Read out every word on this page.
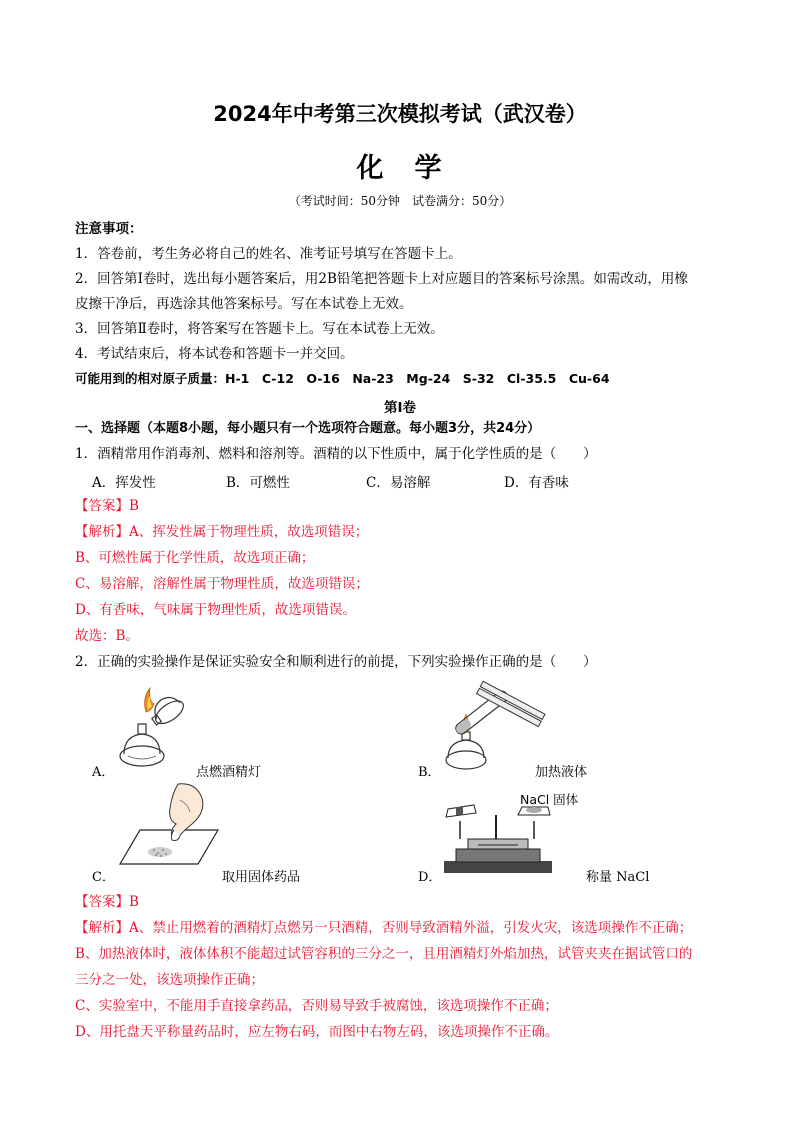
2024年中考第三次模拟考试（武汉卷）
化　学
（考试时间：50分钟　试卷满分：50分）
注意事项：
1．答卷前，考生务必将自己的姓名、准考证号填写在答题卡上。
2．回答第Ⅰ卷时，选出每小题答案后，用2B铅笔把答题卡上对应题目的答案标号涂黑。如需改动，用橡
皮擦干净后，再选涂其他答案标号。写在本试卷上无效。
3．回答第Ⅱ卷时，将答案写在答题卡上。写在本试卷上无效。
4．考试结束后，将本试卷和答题卡一并交回。
可能用到的相对原子质量：H-1　C-12　O-16　Na-23　Mg-24　S-32　Cl-35.5　Cu-64
第Ⅰ卷
一、选择题（本题8小题，每小题只有一个选项符合题意。每小题3分，共24分）
1．酒精常用作消毒剂、燃料和溶剂等。酒精的以下性质中，属于化学性质的是（　　）
A．挥发性	B．可燃性	C．易溶解	D．有香味
【答案】B
【解析】A、挥发性属于物理性质，故选项错误；
B、可燃性属于化学性质，故选项正确；
C、易溶解，溶解性属于物理性质，故选项错误；
D、有香味，气味属于物理性质，故选项错误。
故选：B。
2．正确的实验操作是保证实验安全和顺利进行的前提，下列实验操作正确的是（　　）
A．	点燃酒精灯	B．	加热液体
C．	取用固体药品
NaCl 固体
D．	称量 NaCl
【答案】B
【解析】A、禁止用燃着的酒精灯点燃另一只酒精，否则导致酒精外溢，引发火灾，该选项操作不正确；
B、加热液体时，液体体积不能超过试管容积的三分之一，且用酒精灯外焰加热，试管夹夹在据试管口的
三分之一处，该选项操作正确；
C、实验室中，不能用手直接拿药品，否则易导致手被腐蚀，该选项操作不正确；
D、用托盘天平称量药品时，应左物右码，而图中右物左码，该选项操作不正确。
